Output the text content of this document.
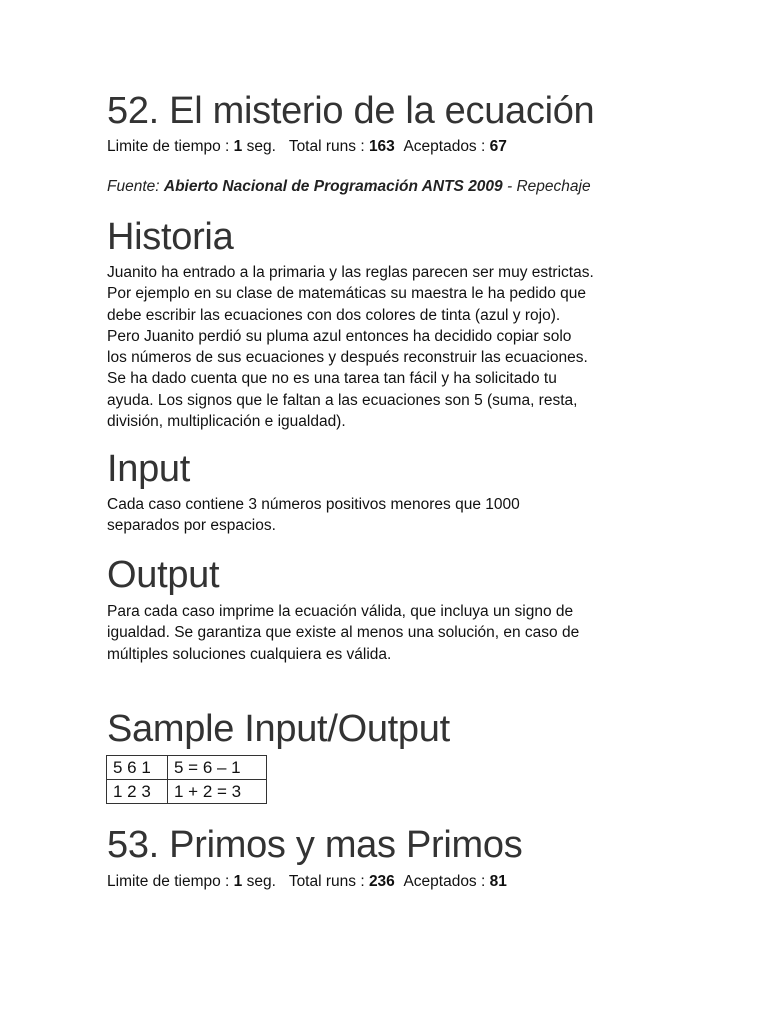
52. El misterio de la ecuación
Limite de tiempo : 1 seg. Total runs : 163 Aceptados : 67
Fuente: Abierto Nacional de Programación ANTS 2009 - Repechaje
Historia

Juanito ha entrado a la primaria y las reglas parecen ser muy estrictas.
Por ejemplo en su clase de matemáticas su maestra le ha pedido que
debe escribir las ecuaciones con dos colores de tinta (azul y rojo).
Pero Juanito perdió su pluma azul entonces ha decidido copiar solo
los números de sus ecuaciones y después reconstruir las ecuaciones.
Se ha dado cuenta que no es una tarea tan fácil y ha solicitado tu
ayuda. Los signos que le faltan a las ecuaciones son 5 (suma, resta,
división, multiplicación e igualdad).

Input

Cada caso contiene 3 números positivos menores que 1000
separados por espacios.

Output

Para cada caso imprime la ecuación válida, que incluya un signo de
igualdad. Se garantiza que existe al menos una solución, en caso de
múltiples soluciones cualquiera es válida.

Sample Input/Output
5 6 1	5 = 6 – 1
1 2 3	1 + 2 = 3
53. Primos y mas Primos
Limite de tiempo : 1 seg. Total runs : 236 Aceptados : 81
